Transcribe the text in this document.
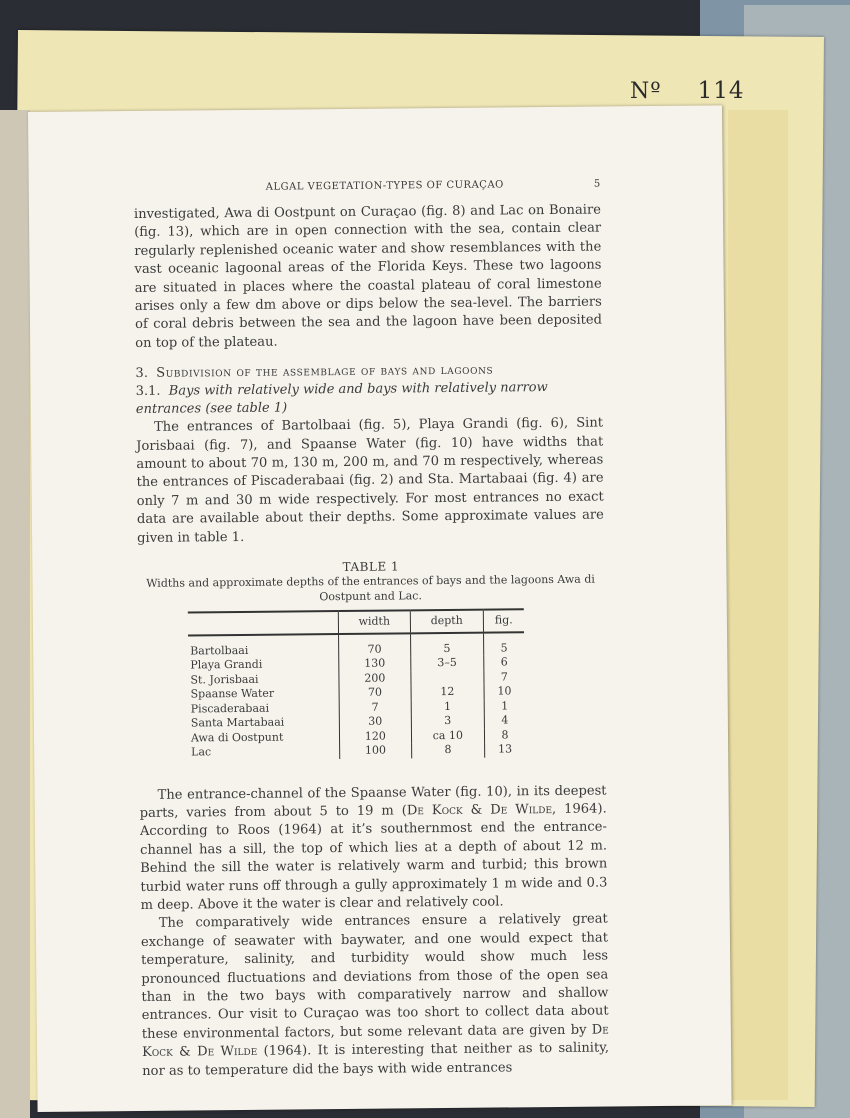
Nº 114
ALGAL VEGETATION-TYPES OF CURAÇAO	5

investigated, Awa di Oostpunt on Curaçao (fig. 8) and Lac on Bonaire (fig. 13), which are in open connection with the sea, contain clear regularly replenished oceanic water and show resemblances with the vast oceanic lagoonal areas of the Florida Keys. These two lagoons are situated in places where the coastal plateau of coral limestone arises only a few dm above or dips below the sea-level. The barriers of coral debris between the sea and the lagoon have been deposited on top of the plateau.

3. Subdivision of the assemblage of bays and lagoons
3.1. Bays with relatively wide and bays with relatively narrow entrances (see table 1)

The entrances of Bartolbaai (fig. 5), Playa Grandi (fig. 6), Sint Jorisbaai (fig. 7), and Spaanse Water (fig. 10) have widths that amount to about 70 m, 130 m, 200 m, and 70 m respectively, whereas the entrances of Piscaderabaai (fig. 2) and Sta. Martabaai (fig. 4) are only 7 m and 30 m wide respectively. For most entrances no exact data are available about their depths. Some approximate values are given in table 1.

TABLE 1
Widths and approximate depths of the entrances of bays and the lagoons Awa di Oostpunt and Lac.
	width	depth	fig.
Bartolbaai	70	5	5
Playa Grandi	130	3–5	6
St. Jorisbaai	200		7
Spaanse Water	70	12	10
Piscaderabaai	7	1	1
Santa Martabaai	30	3	4
Awa di Oostpunt	120	ca 10	8
Lac	100	8	13

The entrance-channel of the Spaanse Water (fig. 10), in its deepest parts, varies from about 5 to 19 m (De Kock & De Wilde, 1964). According to Roos (1964) at it’s southernmost end the entrance-channel has a sill, the top of which lies at a depth of about 12 m. Behind the sill the water is relatively warm and turbid; this brown turbid water runs off through a gully approximately 1 m wide and 0.3 m deep. Above it the water is clear and relatively cool.

The comparatively wide entrances ensure a relatively great exchange of seawater with baywater, and one would expect that temperature, salinity, and turbidity would show much less pronounced fluctuations and deviations from those of the open sea than in the two bays with comparatively narrow and shallow entrances. Our visit to Curaçao was too short to collect data about these environmental factors, but some relevant data are given by De Kock & De Wilde (1964). It is interesting that neither as to salinity, nor as to temperature did the bays with wide entrances
